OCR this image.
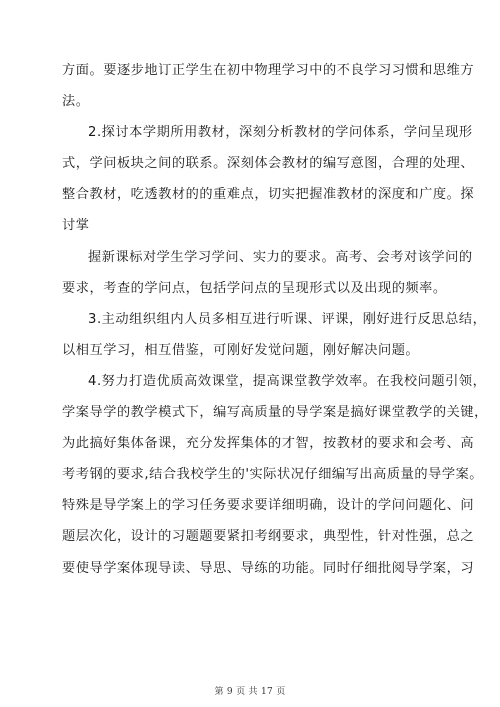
方面。要逐步地订正学生在初中物理学习中的不良学习习惯和思维方
法。
2.探讨本学期所用教材，深刻分析教材的学问体系，学问呈现形
式，学问板块之间的联系。深刻体会教材的编写意图，合理的处理、
整合教材，吃透教材的的重难点，切实把握准教材的深度和广度。探
讨掌
握新课标对学生学习学问、实力的要求。高考、会考对该学问的
要求，考查的学问点，包括学问点的呈现形式以及出现的频率。
3.主动组织组内人员多相互进行听课、评课，刚好进行反思总结，
以相互学习，相互借鉴，可刚好发觉问题，刚好解决问题。
4.努力打造优质高效课堂，提高课堂教学效率。在我校问题引领，
学案导学的教学模式下，编写高质量的导学案是搞好课堂教学的关键，
为此搞好集体备课，充分发挥集体的才智，按教材的要求和会考、高
考考钢的要求,结合我校学生的'实际状况仔细编写出高质量的导学案。
特殊是导学案上的学习任务要求要详细明确，设计的学问问题化、问
题层次化，设计的习题题要紧扣考纲要求，典型性，针对性强，总之
要使导学案体现导读、导思、导练的功能。同时仔细批阅导学案，习
第 9 页 共 17 页
